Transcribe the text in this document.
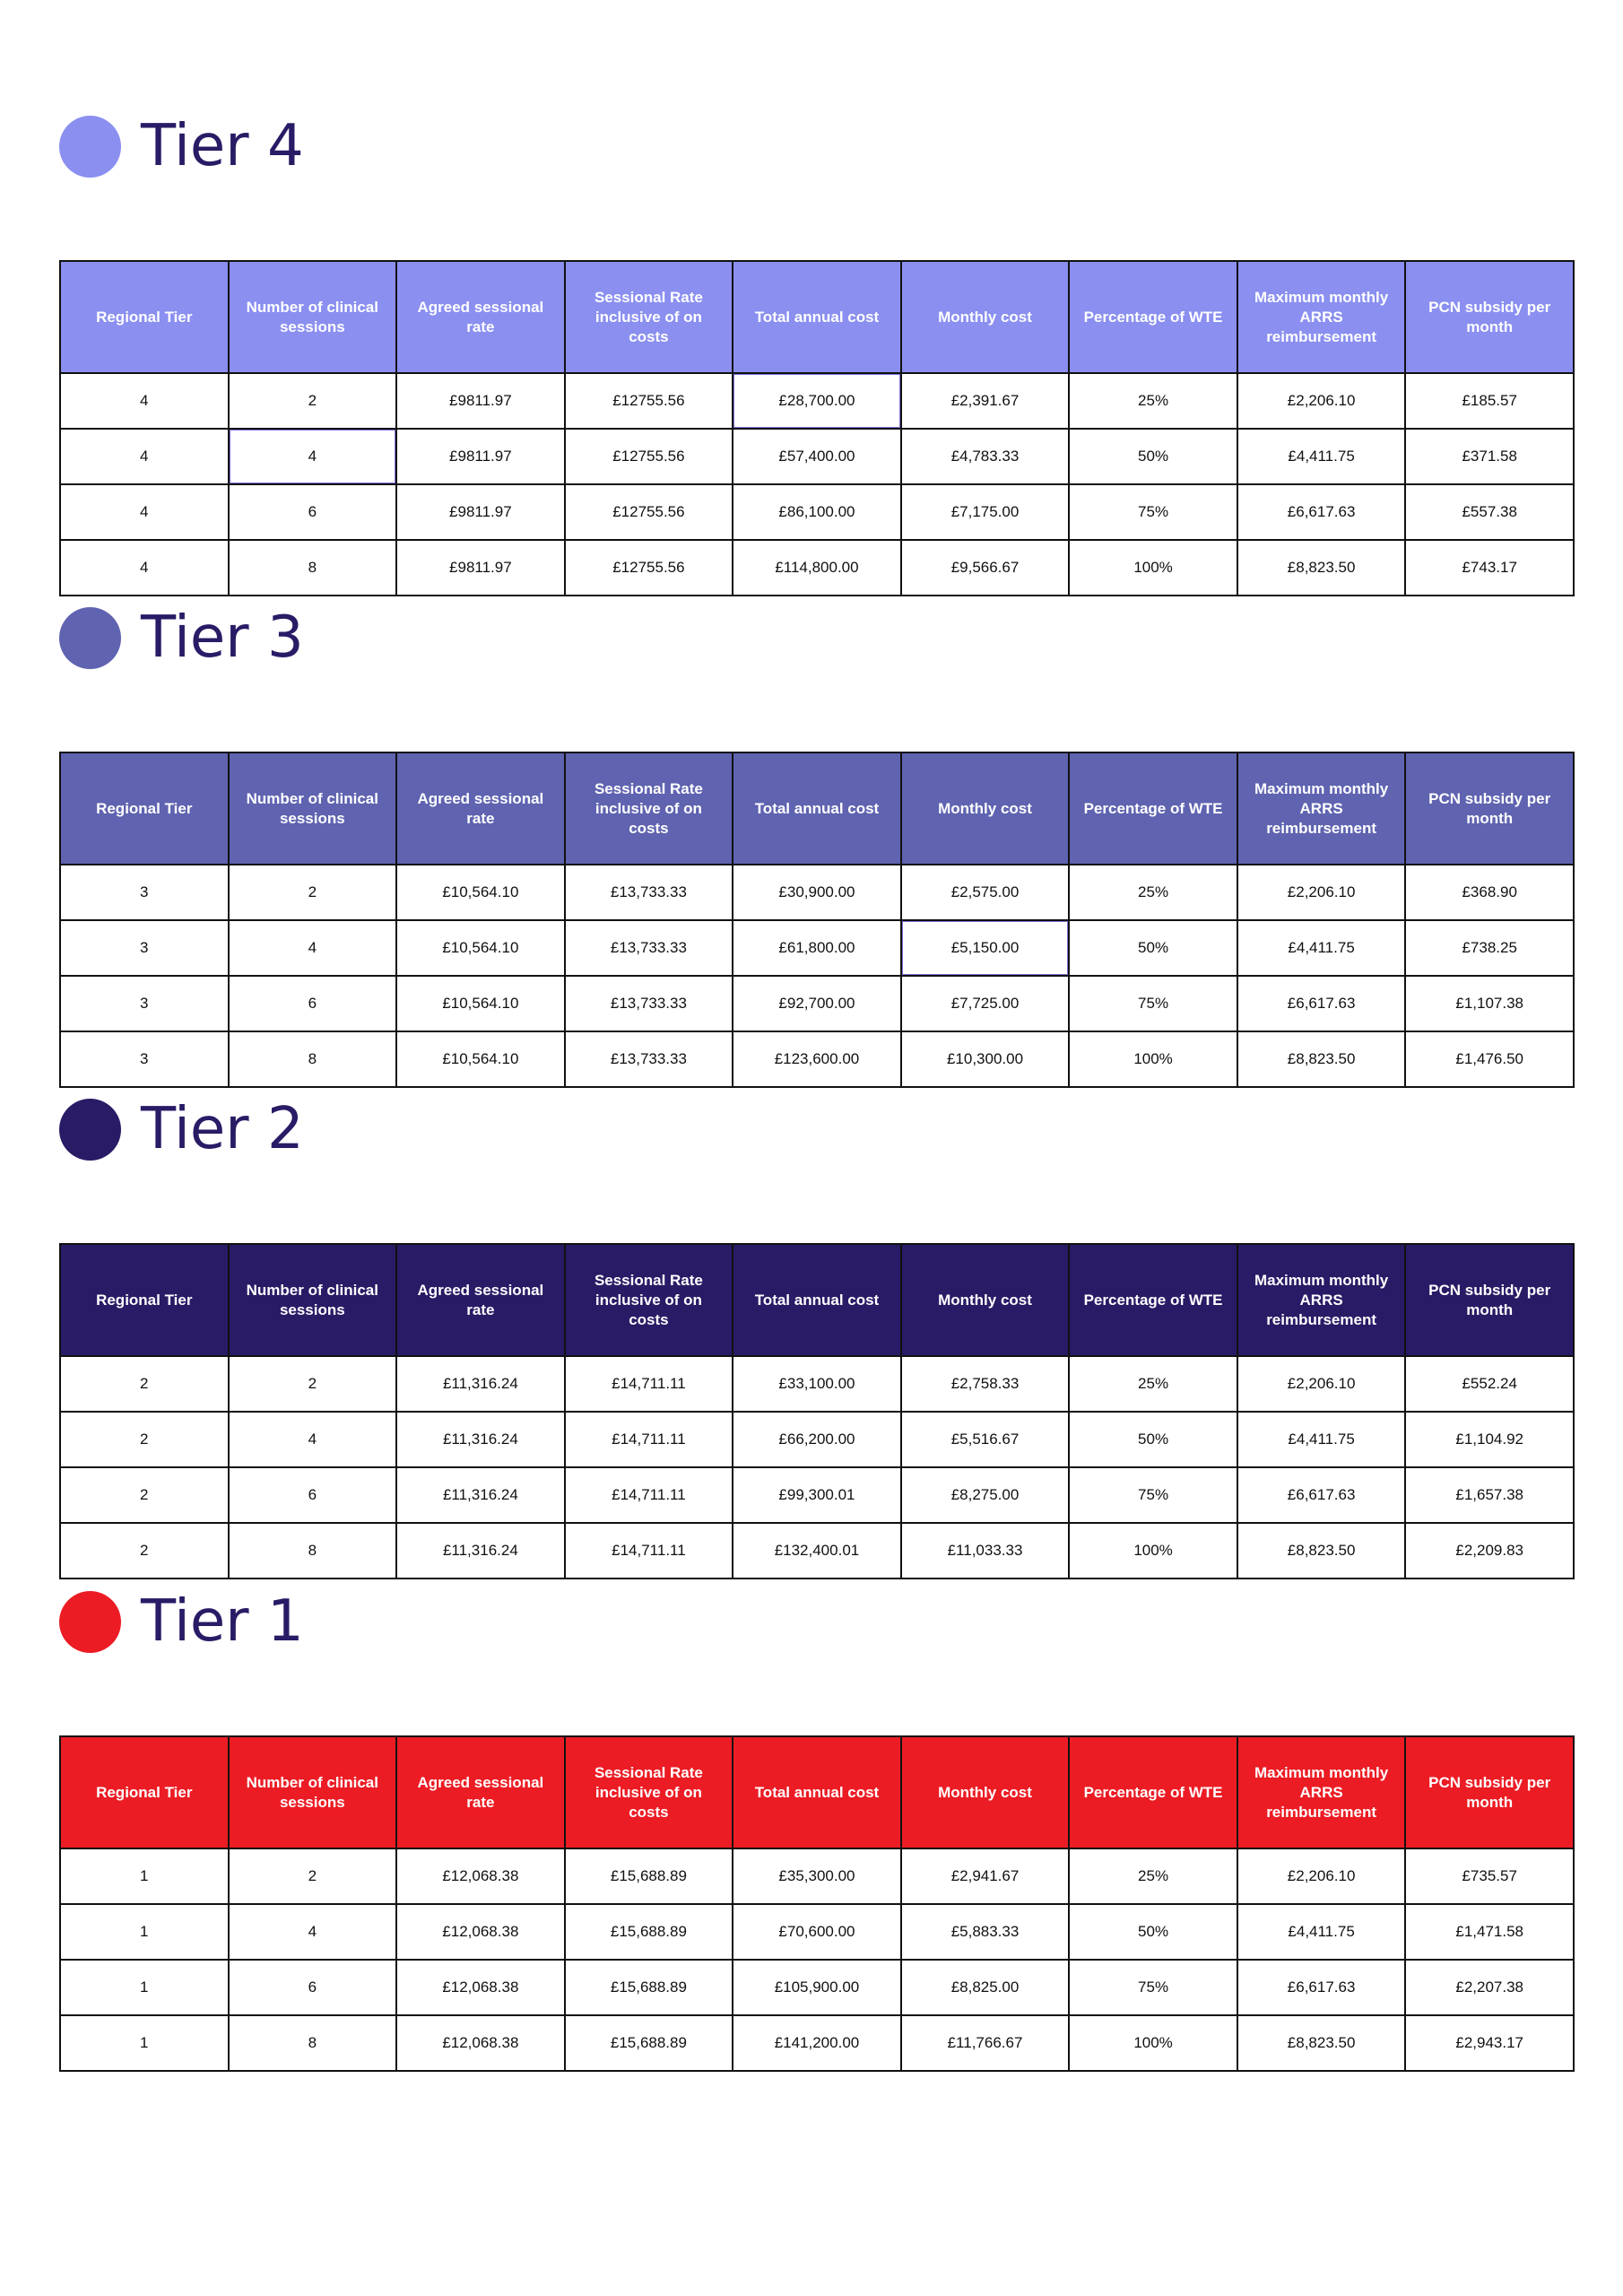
Tier 4
Regional Tier	Number of clinical sessions	Agreed sessional rate	Sessional Rate inclusive of on costs	Total annual cost	Monthly cost	Percentage of WTE	Maximum monthly ARRS reimbursement	PCN subsidy per month
4	2	£9811.97	£12755.56	£28,700.00	£2,391.67	25%	£2,206.10	£185.57
4	4	£9811.97	£12755.56	£57,400.00	£4,783.33	50%	£4,411.75	£371.58
4	6	£9811.97	£12755.56	£86,100.00	£7,175.00	75%	£6,617.63	£557.38
4	8	£9811.97	£12755.56	£114,800.00	£9,566.67	100%	£8,823.50	£743.17
Tier 3
Regional Tier	Number of clinical sessions	Agreed sessional rate	Sessional Rate inclusive of on costs	Total annual cost	Monthly cost	Percentage of WTE	Maximum monthly ARRS reimbursement	PCN subsidy per month
3	2	£10,564.10	£13,733.33	£30,900.00	£2,575.00	25%	£2,206.10	£368.90
3	4	£10,564.10	£13,733.33	£61,800.00	£5,150.00	50%	£4,411.75	£738.25
3	6	£10,564.10	£13,733.33	£92,700.00	£7,725.00	75%	£6,617.63	£1,107.38
3	8	£10,564.10	£13,733.33	£123,600.00	£10,300.00	100%	£8,823.50	£1,476.50
Tier 2
Regional Tier	Number of clinical sessions	Agreed sessional rate	Sessional Rate inclusive of on costs	Total annual cost	Monthly cost	Percentage of WTE	Maximum monthly ARRS reimbursement	PCN subsidy per month
2	2	£11,316.24	£14,711.11	£33,100.00	£2,758.33	25%	£2,206.10	£552.24
2	4	£11,316.24	£14,711.11	£66,200.00	£5,516.67	50%	£4,411.75	£1,104.92
2	6	£11,316.24	£14,711.11	£99,300.01	£8,275.00	75%	£6,617.63	£1,657.38
2	8	£11,316.24	£14,711.11	£132,400.01	£11,033.33	100%	£8,823.50	£2,209.83
Tier 1
Regional Tier	Number of clinical sessions	Agreed sessional rate	Sessional Rate inclusive of on costs	Total annual cost	Monthly cost	Percentage of WTE	Maximum monthly ARRS reimbursement	PCN subsidy per month
1	2	£12,068.38	£15,688.89	£35,300.00	£2,941.67	25%	£2,206.10	£735.57
1	4	£12,068.38	£15,688.89	£70,600.00	£5,883.33	50%	£4,411.75	£1,471.58
1	6	£12,068.38	£15,688.89	£105,900.00	£8,825.00	75%	£6,617.63	£2,207.38
1	8	£12,068.38	£15,688.89	£141,200.00	£11,766.67	100%	£8,823.50	£2,943.17
